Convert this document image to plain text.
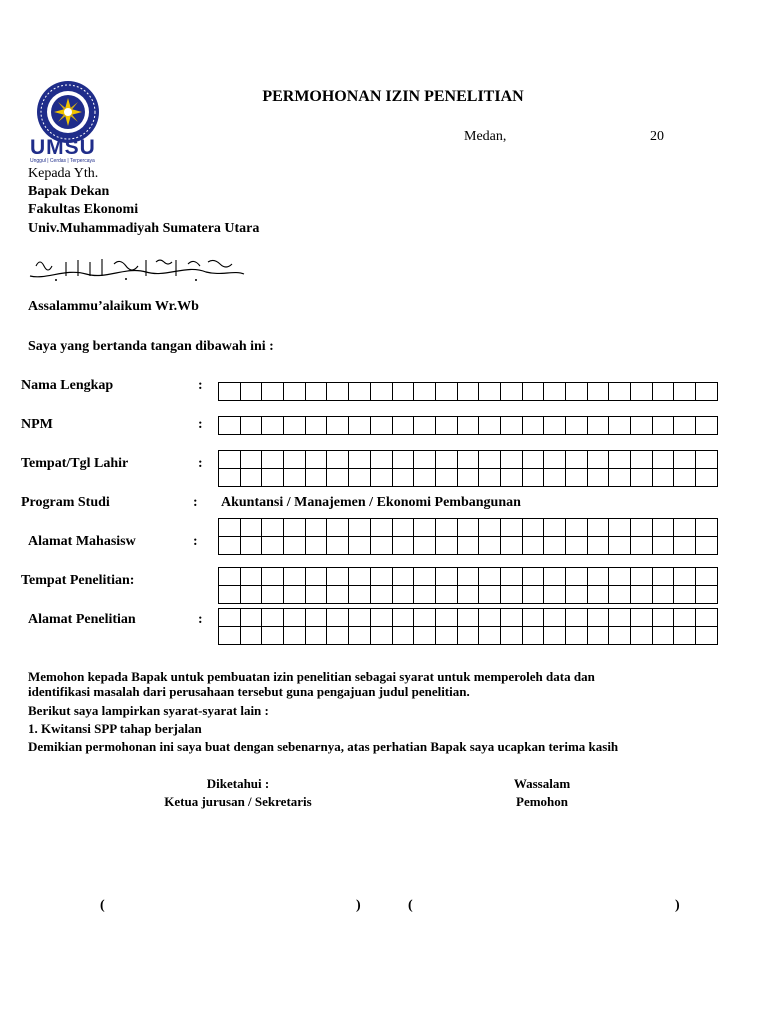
UMSU
Unggul | Cerdas | Terpercaya
PERMOHONAN IZIN PENELITIAN
Medan,	20
Kepada Yth.
Bapak Dekan
Fakultas Ekonomi
Univ.Muhammadiyah Sumatera Utara
Assalammu’alaikum Wr.Wb
Saya yang bertanda tangan dibawah ini :
Nama Lengkap	:
NPM	:
Tempat/Tgl Lahir	:
Program Studi	: Akuntansi / Manajemen / Ekonomi Pembangunan
Alamat Mahasisw	:
Tempat Penelitian:
Alamat Penelitian	:
Memohon kepada Bapak untuk pembuatan izin penelitian sebagai syarat untuk memperoleh data dan
identifikasi masalah dari perusahaan tersebut guna pengajuan judul penelitian.
Berikut saya lampirkan syarat-syarat lain :
1. Kwitansi SPP tahap berjalan
Demikian permohonan ini saya buat dengan sebenarnya, atas perhatian Bapak saya ucapkan terima kasih
Diketahui :
Ketua jurusan / Sekretaris
Wassalam
Pemohon
(	)	(	)
